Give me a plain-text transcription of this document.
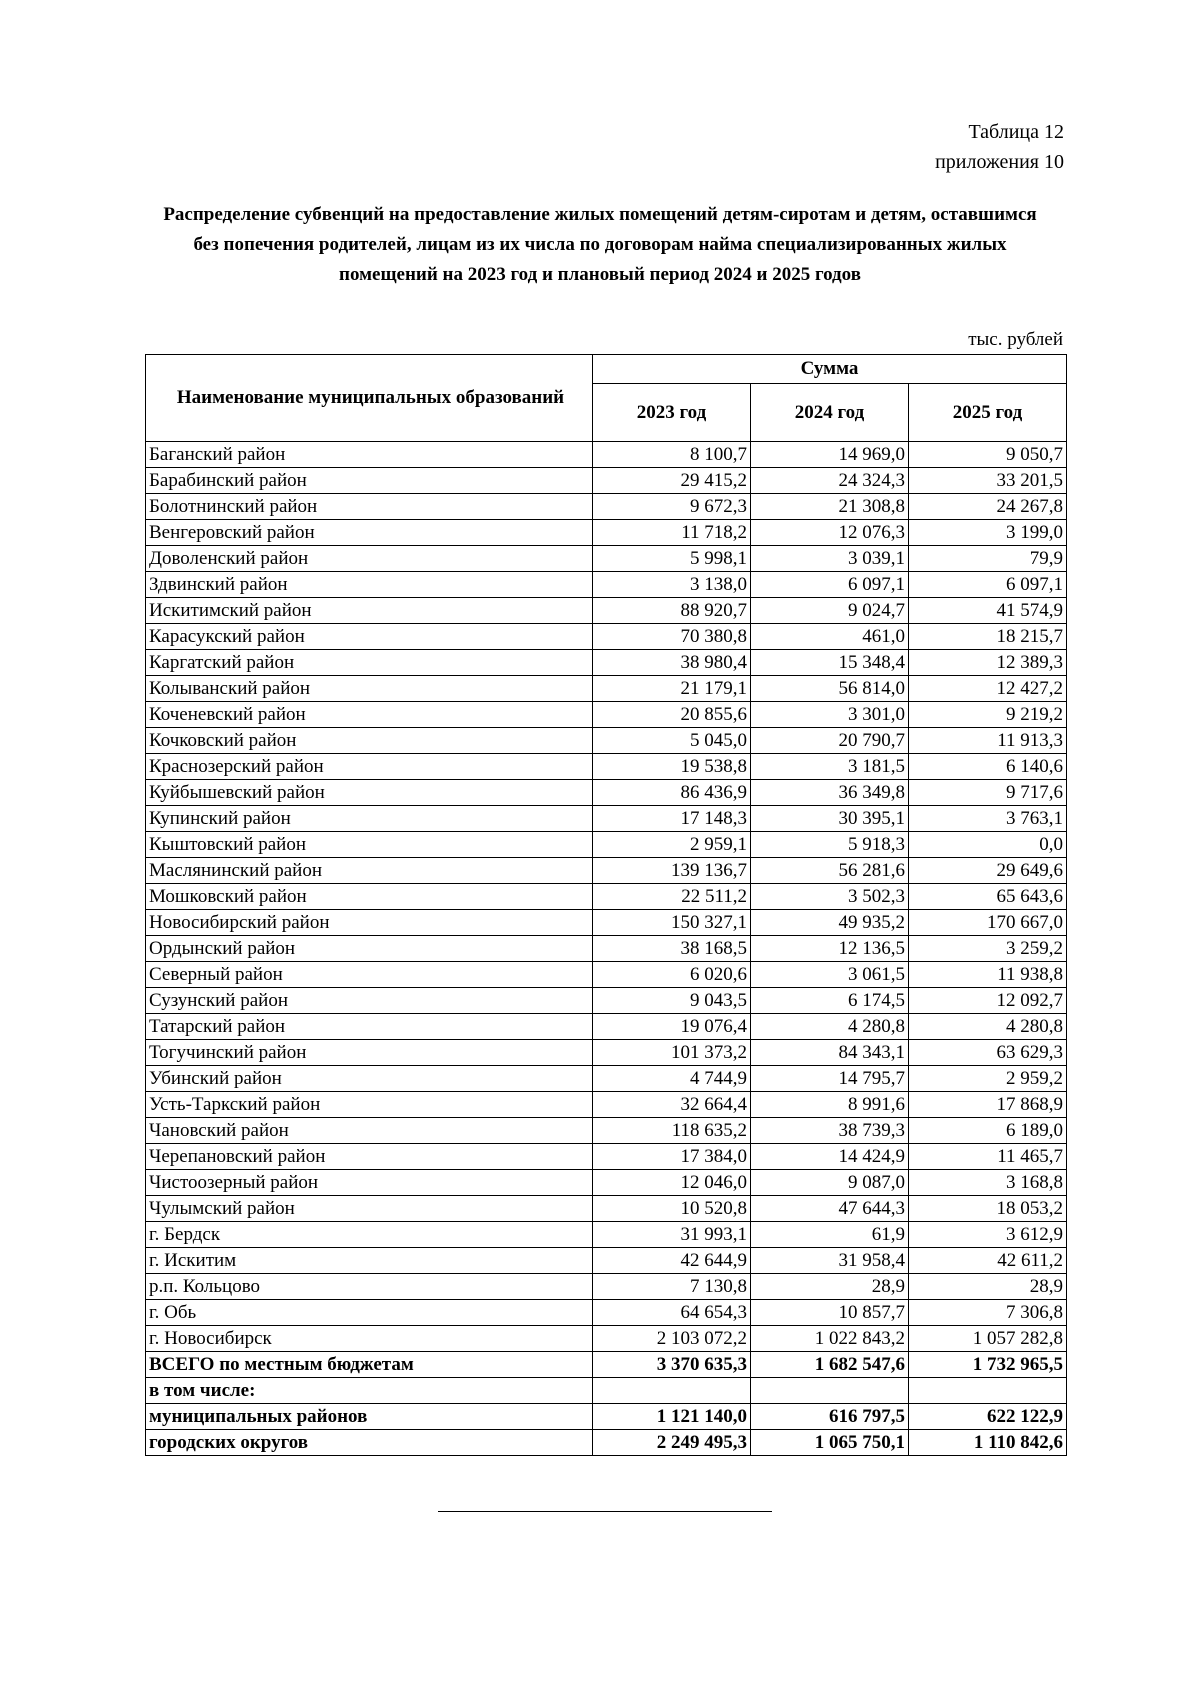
Таблица 12
приложения 10
Распределение субвенций на предоставление жилых помещений детям-сиротам и детям, оставшимся без попечения родителей, лицам из их числа по договорам найма специализированных жилых помещений на 2023 год и плановый период 2024 и 2025 годов
тыс. рублей
Наименование муниципальных образований	Сумма		
	2023 год	2024 год	2025 год
Баганский район	8 100,7	14 969,0	9 050,7
Барабинский район	29 415,2	24 324,3	33 201,5
Болотнинский район	9 672,3	21 308,8	24 267,8
Венгеровский район	11 718,2	12 076,3	3 199,0
Доволенский район	5 998,1	3 039,1	79,9
Здвинский район	3 138,0	6 097,1	6 097,1
Искитимский район	88 920,7	9 024,7	41 574,9
Карасукский район	70 380,8	461,0	18 215,7
Каргатский район	38 980,4	15 348,4	12 389,3
Колыванский район	21 179,1	56 814,0	12 427,2
Коченевский район	20 855,6	3 301,0	9 219,2
Кочковский район	5 045,0	20 790,7	11 913,3
Краснозерский район	19 538,8	3 181,5	6 140,6
Куйбышевский район	86 436,9	36 349,8	9 717,6
Купинский район	17 148,3	30 395,1	3 763,1
Кыштовский район	2 959,1	5 918,3	0,0
Маслянинский район	139 136,7	56 281,6	29 649,6
Мошковский район	22 511,2	3 502,3	65 643,6
Новосибирский район	150 327,1	49 935,2	170 667,0
Ордынский район	38 168,5	12 136,5	3 259,2
Северный район	6 020,6	3 061,5	11 938,8
Сузунский район	9 043,5	6 174,5	12 092,7
Татарский район	19 076,4	4 280,8	4 280,8
Тогучинский район	101 373,2	84 343,1	63 629,3
Убинский район	4 744,9	14 795,7	2 959,2
Усть-Таркский район	32 664,4	8 991,6	17 868,9
Чановский район	118 635,2	38 739,3	6 189,0
Черепановский район	17 384,0	14 424,9	11 465,7
Чистоозерный район	12 046,0	9 087,0	3 168,8
Чулымский район	10 520,8	47 644,3	18 053,2
г. Бердск	31 993,1	61,9	3 612,9
г. Искитим	42 644,9	31 958,4	42 611,2
р.п. Кольцово	7 130,8	28,9	28,9
г. Обь	64 654,3	10 857,7	7 306,8
г. Новосибирск	2 103 072,2	1 022 843,2	1 057 282,8
ВСЕГО по местным бюджетам	3 370 635,3	1 682 547,6	1 732 965,5
в том числе:			
муниципальных районов	1 121 140,0	616 797,5	622 122,9
городских округов	2 249 495,3	1 065 750,1	1 110 842,6
